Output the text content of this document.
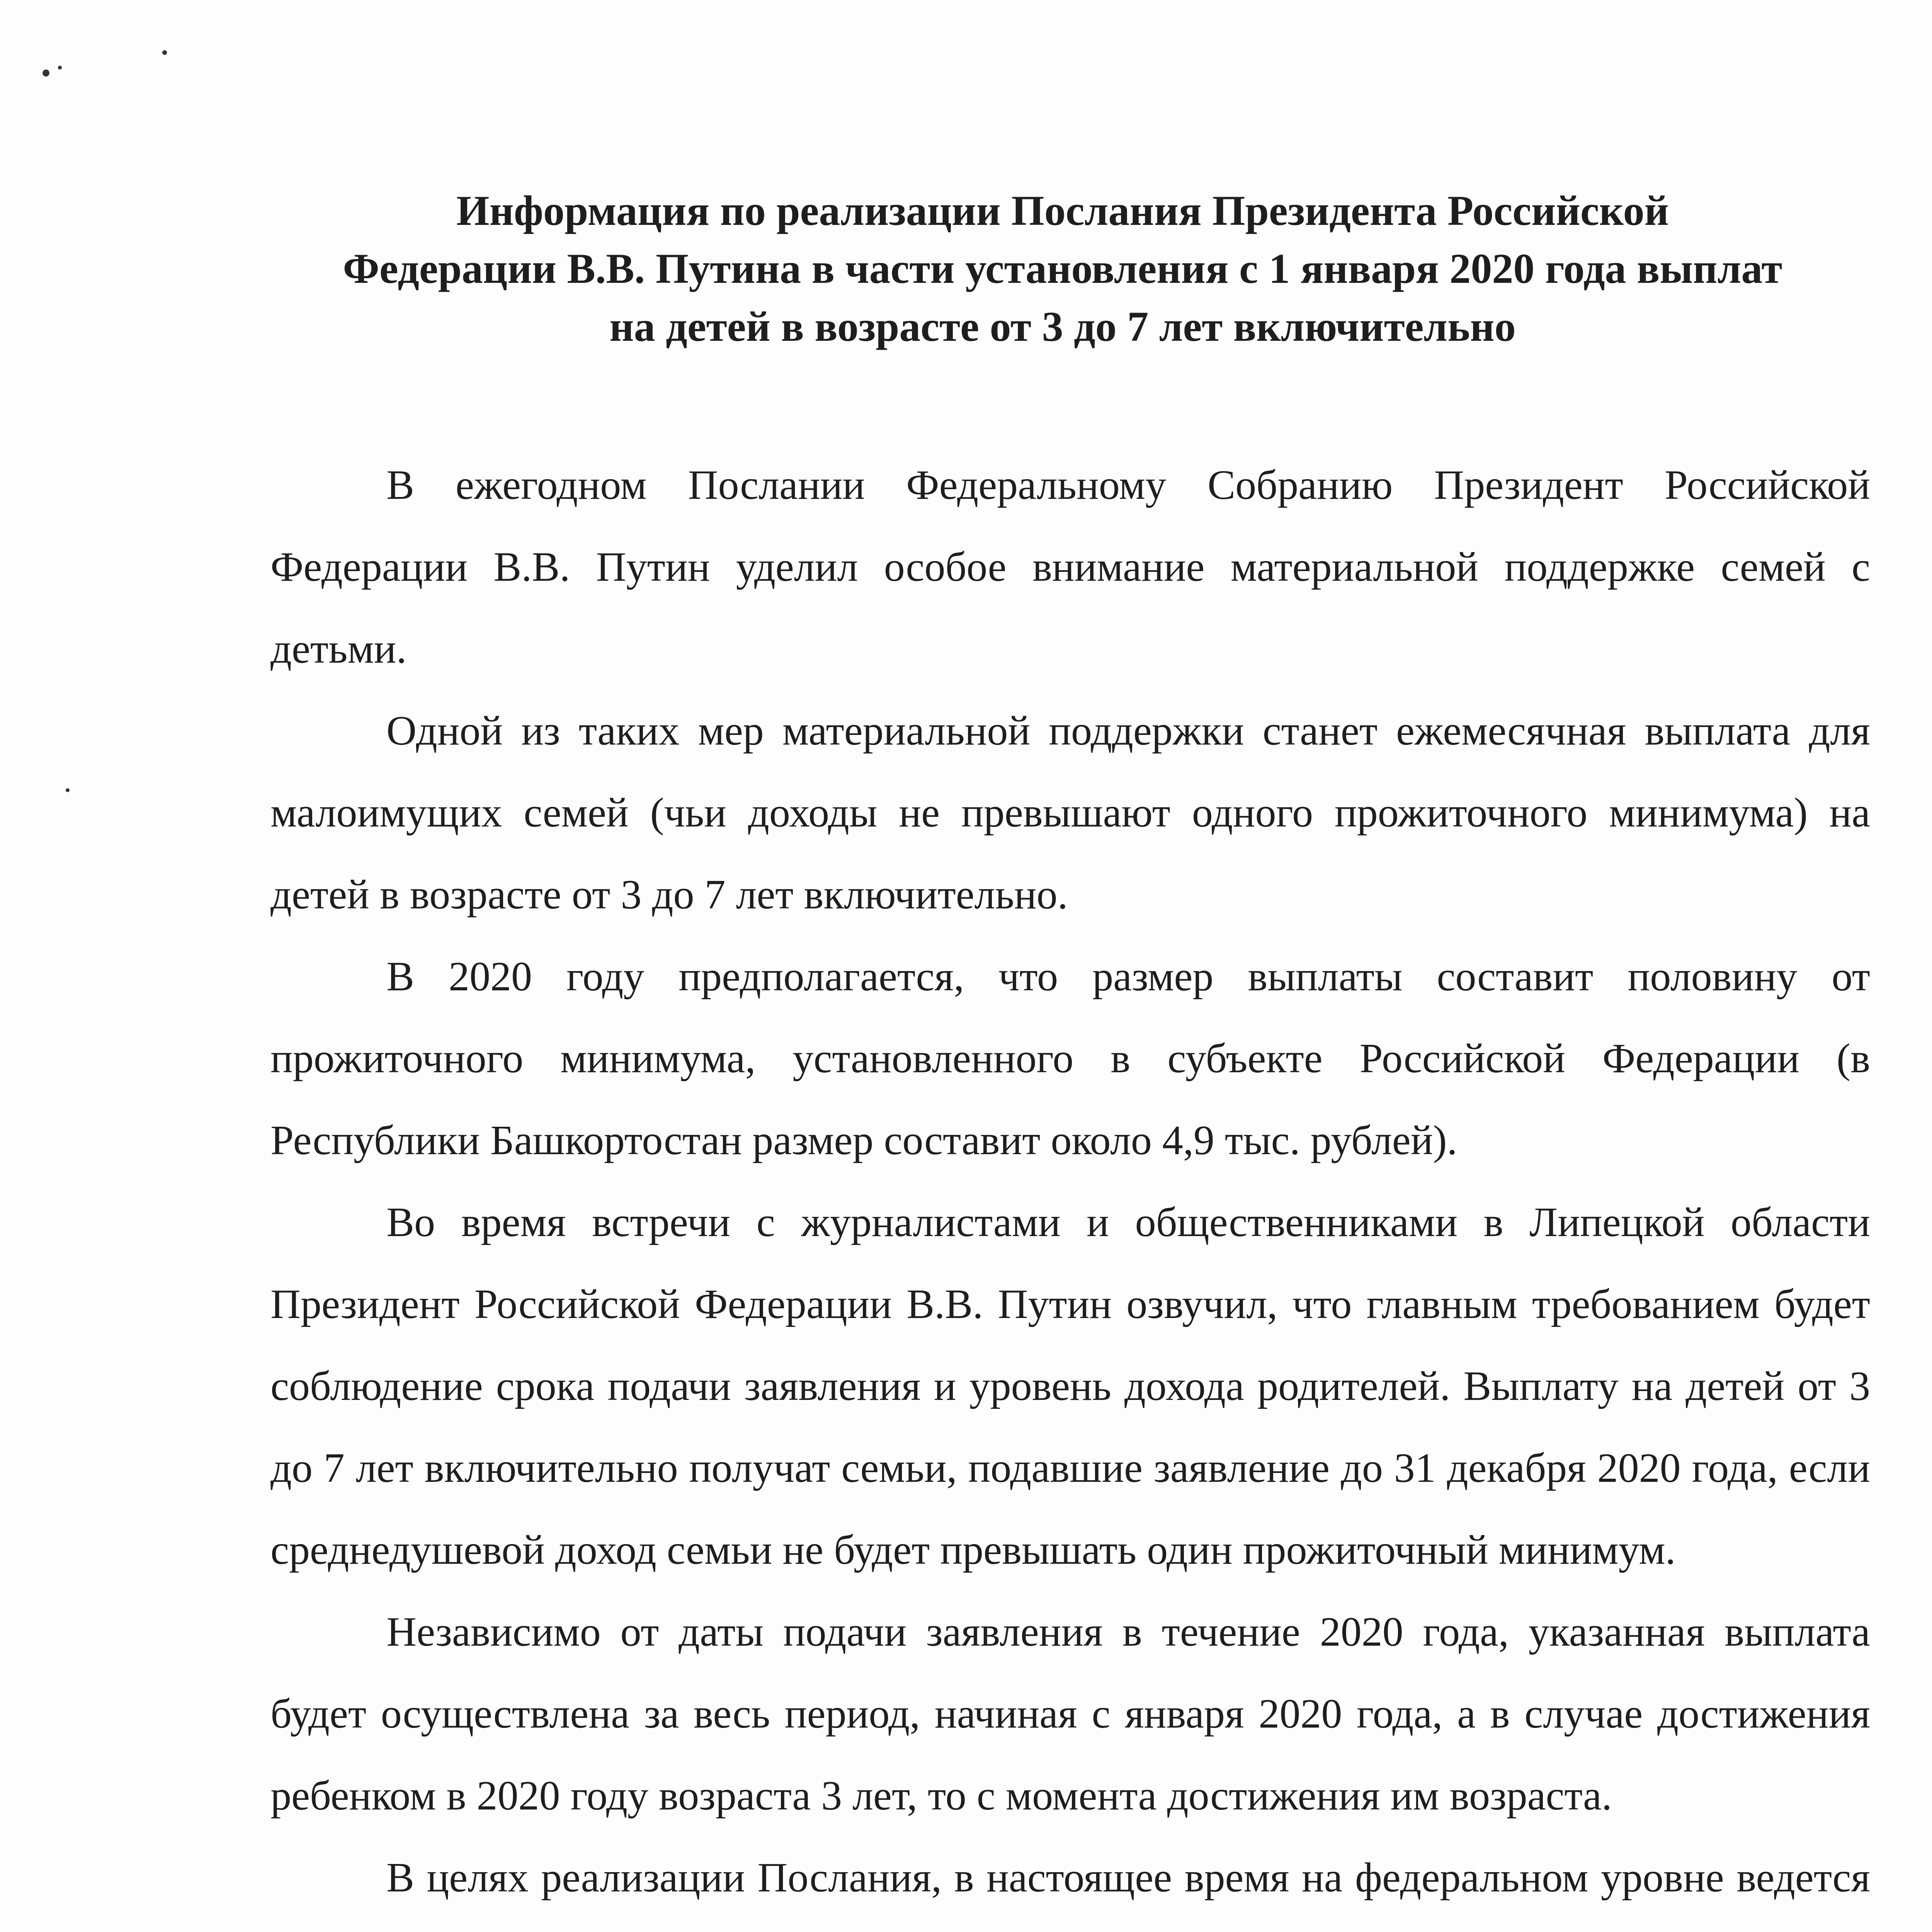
Информация по реализации Послания Президента Российской
Федерации В.В. Путина в части установления с 1 января 2020 года выплат
на детей в возрасте от 3 до 7 лет включительно

В ежегодном Послании Федеральному Собранию Президент Российской Федерации В.В. Путин уделил особое внимание материальной поддержке семей с детьми.

Одной из таких мер материальной поддержки станет ежемесячная выплата для малоимущих семей (чьи доходы не превышают одного прожиточного минимума) на детей в возрасте от 3 до 7 лет включительно.

В 2020 году предполагается, что размер выплаты составит половину от прожиточного минимума, установленного в субъекте Российской Федерации (в Республики Башкортостан размер составит около 4,9 тыс. рублей).

Во время встречи с журналистами и общественниками в Липецкой области Президент Российской Федерации В.В. Путин озвучил, что главным требованием будет соблюдение срока подачи заявления и уровень дохода родителей. Выплату на детей от 3 до 7 лет включительно получат семьи, подавшие заявление до 31 декабря 2020 года, если среднедушевой доход семьи не будет превышать один прожиточный минимум.

Независимо от даты подачи заявления в течение 2020 года, указанная выплата будет осуществлена за весь период, начиная с января 2020 года, а в случае достижения ребенком в 2020 году возраста 3 лет, то с момента достижения им возраста.

В целях реализации Послания, в настоящее время на федеральном уровне ведется
